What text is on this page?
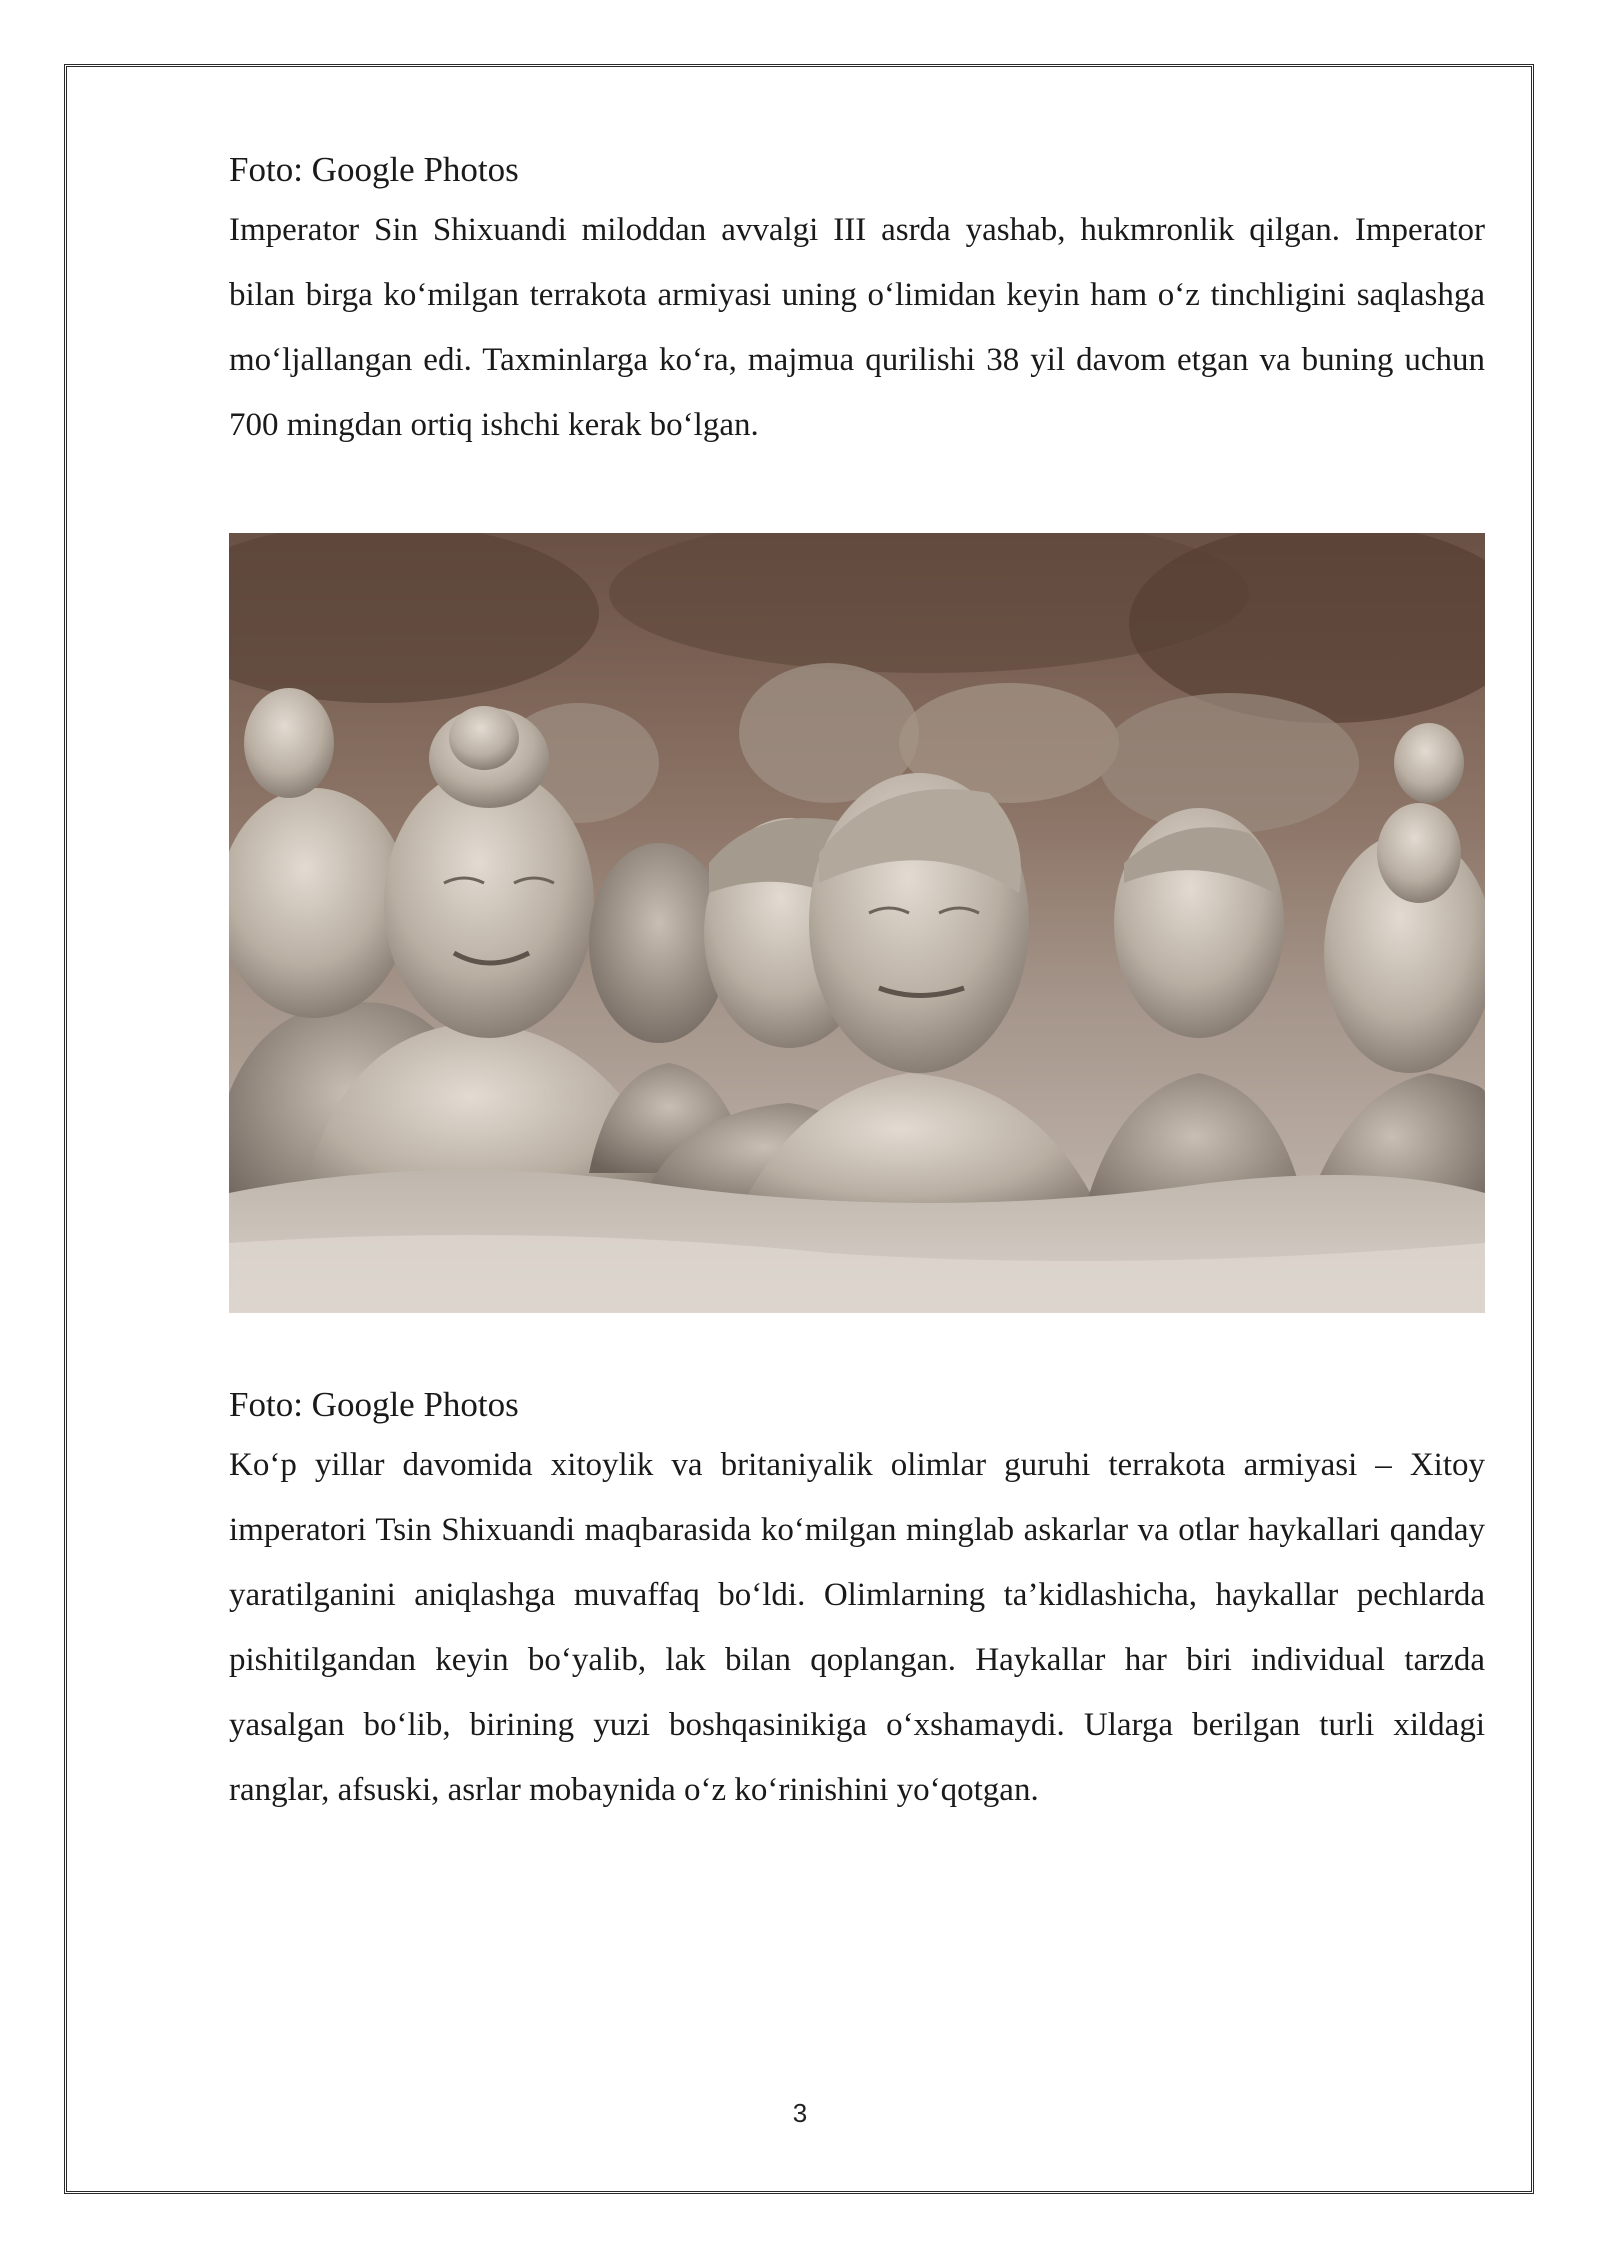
Foto: Google Photos

Imperator Sin Shixuandi miloddan avvalgi III asrda yashab, hukmronlik qilgan. Imperator bilan birga ko‘milgan terrakota armiyasi uning o‘limidan keyin ham o‘z tinchligini saqlashga mo‘ljallangan edi. Taxminlarga ko‘ra, majmua qurilishi 38 yil davom etgan va buning uchun 700 mingdan ortiq ishchi kerak bo‘lgan.

Foto: Google Photos

Ko‘p yillar davomida xitoylik va britaniyalik olimlar guruhi terrakota armiyasi – Xitoy imperatori Tsin Shixuandi maqbarasida ko‘milgan minglab askarlar va otlar haykallari qanday yaratilganini aniqlashga muvaffaq bo‘ldi. Olimlarning ta’kidlashicha, haykallar pechlarda pishitilgandan keyin bo‘yalib, lak bilan qoplangan. Haykallar har biri individual tarzda yasalgan bo‘lib, birining yuzi boshqasinikiga o‘xshamaydi. Ularga berilgan turli xildagi ranglar, afsuski, asrlar mobaynida o‘z ko‘rinishini yo‘qotgan.

3
